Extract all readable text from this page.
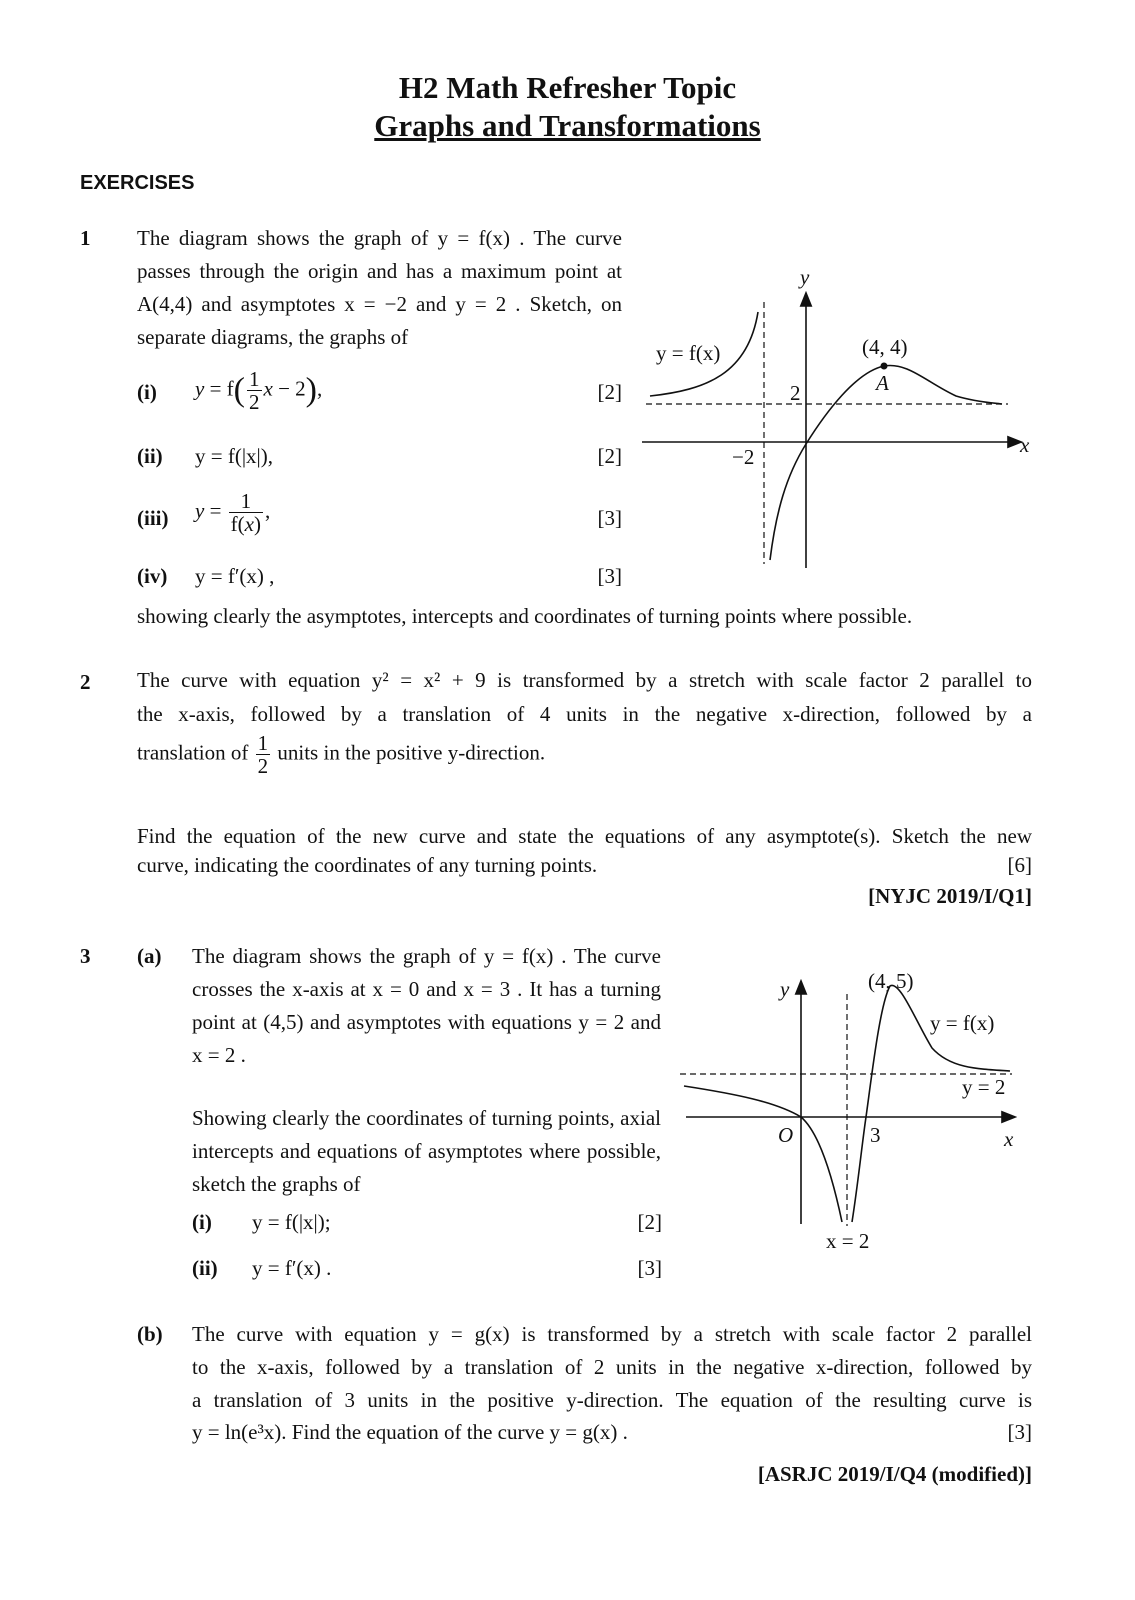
H2 Math Refresher Topic
Graphs and Transformations
EXERCISES
1 The diagram shows the graph of y = f(x) . The curve passes through the origin and has a maximum point at A(4,4) and asymptotes x = −2 and y = 2 . Sketch, on separate diagrams, the graphs of
(i) $y = f( \frac{1}{2}$ x − 2),	[2]
(ii) y = f(|x|),	[2]
(iii) $y = \frac{1}{f(x)}$ ,	[3]
(iv) y = f′(x) ,	[3]
showing clearly the asymptotes, intercepts and coordinates of turning points where possible.
y
x
y = f(x)	(4, 4)
A
2
−2
2 The curve with equation y² = x² + 9 is transformed by a stretch with scale factor 2 parallel to
the x-axis, followed by a translation of 4 units in the negative x-direction, followed by a
translation of $\frac{1}{2}$ units in the positive y-direction.
Find the equation of the new curve and state the equations of any asymptote(s). Sketch the new
curve, indicating the coordinates of any turning points.	[6]
[NYJC 2019/I/Q1]
3 (a) The diagram shows the graph of y = f(x) . The curve crosses the x-axis at x = 0 and x = 3 . It has a turning point at (4,5) and asymptotes with equations y = 2 and x = 2 .
Showing clearly the coordinates of turning points, axial intercepts and equations of asymptotes where possible, sketch the graphs of
(i) y = f(|x|);	[2]
(ii) y = f′(x) .	[3]
y
x
O
(4, 5)
y = f(x)
y = 2
3
x = 2
(b) The curve with equation y = g(x) is transformed by a stretch with scale factor 2 parallel
to the x-axis, followed by a translation of 2 units in the negative x-direction, followed by
a translation of 3 units in the positive y-direction. The equation of the resulting curve is
y = ln(e³x). Find the equation of the curve y = g(x) .	[3]
[ASRJC 2019/I/Q4 (modified)]
